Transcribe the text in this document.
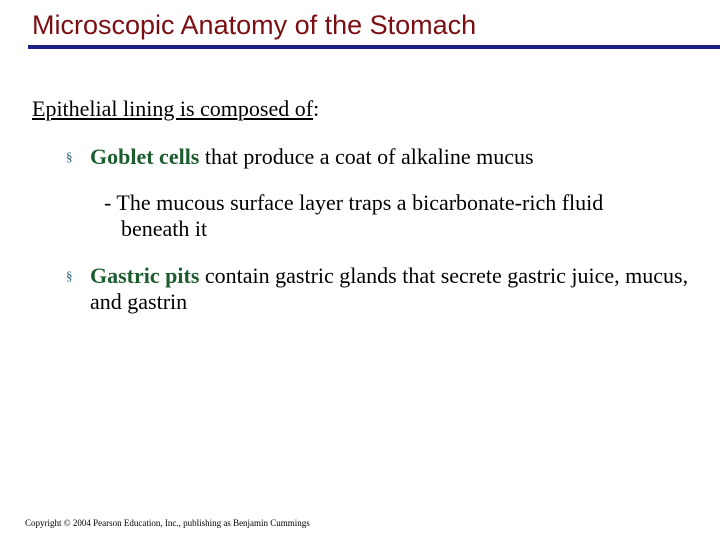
Microscopic Anatomy of the Stomach
Epithelial lining is composed of:
§ Goblet cells that produce a coat of alkaline mucus
- The mucous surface layer traps a bicarbonate-rich fluid
beneath it
§ Gastric pits contain gastric glands that secrete gastric juice, mucus, and gastrin
Copyright © 2004 Pearson Education, Inc., publishing as Benjamin Cummings
